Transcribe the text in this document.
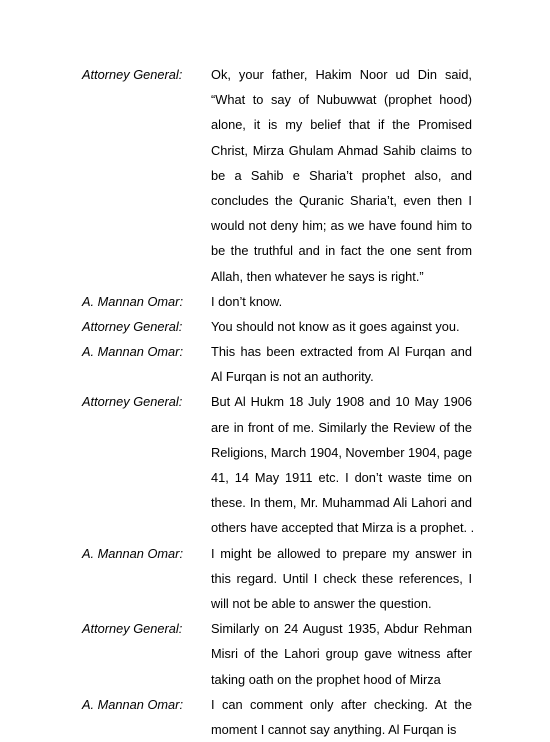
Attorney General:	Ok, your father, Hakim Noor ud Din said,
“What to say of Nubuwwat (prophet hood)
alone, it is my belief that if the Promised
Christ, Mirza Ghulam Ahmad Sahib claims to
be a Sahib e Sharia’t prophet also, and
concludes the Quranic Sharia’t, even then I
would not deny him; as we have found him to
be the truthful and in fact the one sent from
Allah, then whatever he says is right.”
A. Mannan Omar:	I don’t know.
Attorney General:	You should not know as it goes against you.
A. Mannan Omar:	This has been extracted from Al Furqan and
Al Furqan is not an authority.
Attorney General:	But Al Hukm 18 July 1908 and 10 May 1906
are in front of me. Similarly the Review of the
Religions, March 1904, November 1904, page
41, 14 May 1911 etc. I don’t waste time on
these. In them, Mr. Muhammad Ali Lahori and
others have accepted that Mirza is a prophet. .
A. Mannan Omar:	I might be allowed to prepare my answer in
this regard. Until I check these references, I
will not be able to answer the question.
Attorney General:	Similarly on 24 August 1935, Abdur Rehman
Misri of the Lahori group gave witness after
taking oath on the prophet hood of Mirza
A. Mannan Omar:	I can comment only after checking. At the
moment I cannot say anything. Al Furqan is
